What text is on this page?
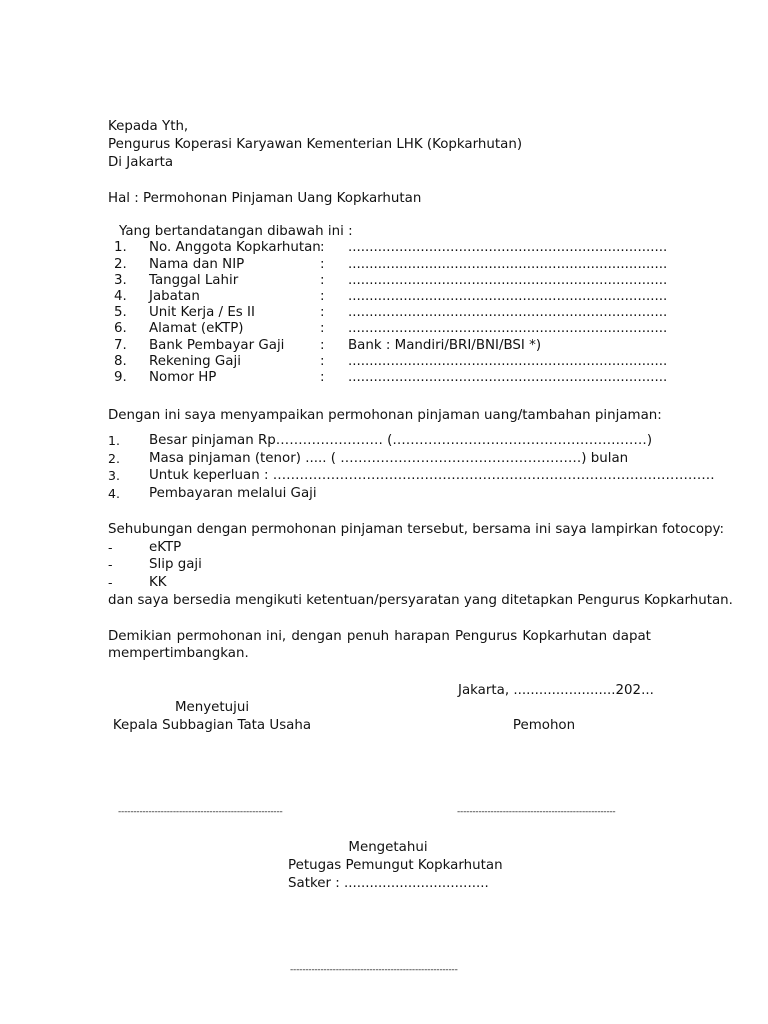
Kepada Yth,
Pengurus Koperasi Karyawan Kementerian LHK (Kopkarhutan)
Di Jakarta
Hal : Permohonan Pinjaman Uang Kopkarhutan
Yang bertandatangan dibawah ini :
1. No. Anggota Kopkarhutan : ...........................................................................
2. Nama dan NIP	: ...........................................................................
3. Tanggal Lahir	: ...........................................................................
4. Jabatan	: ...........................................................................
5. Unit Kerja / Es II	: ...........................................................................
6. Alamat (eKTP)	: ...........................................................................
7. Bank Pembayar Gaji	: Bank : Mandiri/BRI/BNI/BSI *)
8. Rekening Gaji	: ...........................................................................
9. Nomor HP	: ...........................................................................
Dengan ini saya menyampaikan permohonan pinjaman uang/tambahan pinjaman:
1. Besar pinjaman Rp…………………… (…………………………………………………)
2. Masa pinjaman (tenor) ..... ( ………………………………………………) bulan
3. Untuk keperluan : ………………………………………………………………………………………
4. Pembayaran melalui Gaji
Sehubungan dengan permohonan pinjaman tersebut, bersama ini saya lampirkan fotocopy:
-	eKTP
-	Slip gaji
-	KK
dan saya bersedia mengikuti ketentuan/persyaratan yang ditetapkan Pengurus Kopkarhutan.
Demikian permohonan ini, dengan penuh harapan Pengurus Kopkarhutan dapat
mempertimbangkan.
Jakarta, ........................202...
Menyetujui
Kepala Subbagian Tata Usaha	Pemohon
------------------------------------------------------	----------------------------------------------------
Mengetahui
Petugas Pemungut Kopkarhutan
Satker : ..................................
-------------------------------------------------------
